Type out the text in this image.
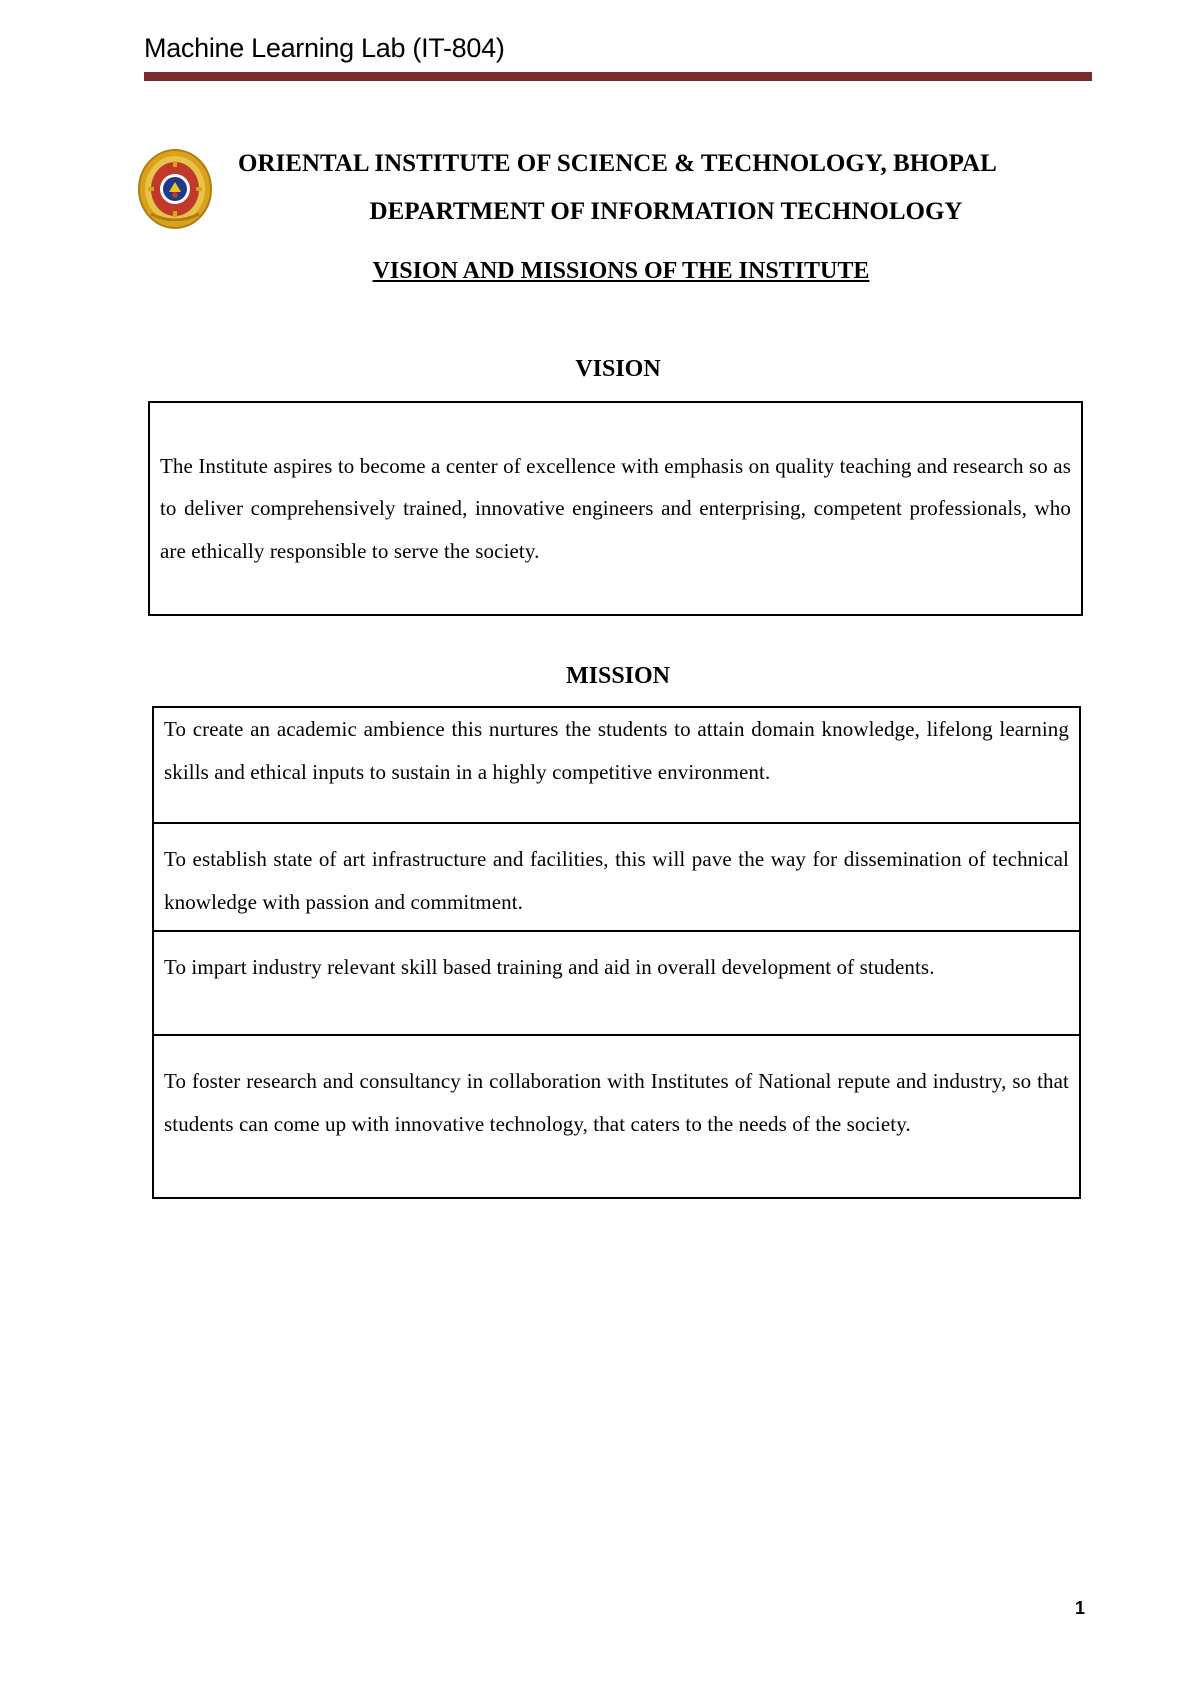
Machine Learning Lab (IT-804)
ORIENTAL INSTITUTE OF SCIENCE & TECHNOLOGY, BHOPAL
DEPARTMENT OF INFORMATION TECHNOLOGY
VISION AND MISSIONS OF THE INSTITUTE
VISION
The Institute aspires to become a center of excellence with emphasis on quality teaching and research so as to deliver comprehensively trained, innovative engineers and enterprising, competent professionals, who are ethically responsible to serve the society.
MISSION
To create an academic ambience this nurtures the students to attain domain knowledge, lifelong learning skills and ethical inputs to sustain in a highly competitive environment.
To establish state of art infrastructure and facilities, this will pave the way for dissemination of technical knowledge with passion and commitment.
To impart industry relevant skill based training and aid in overall development of students.
To foster research and consultancy in collaboration with Institutes of National repute and industry, so that students can come up with innovative technology, that caters to the needs of the society.
1
